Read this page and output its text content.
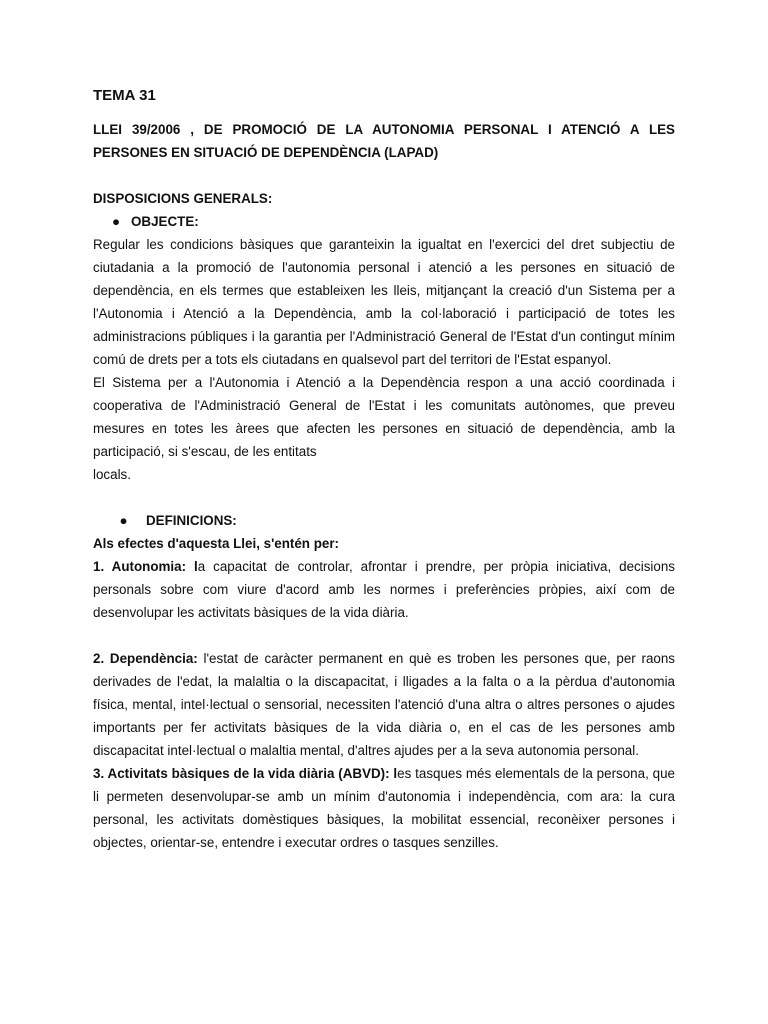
TEMA 31
LLEI 39/2006 , DE PROMOCIÓ DE LA AUTONOMIA PERSONAL I ATENCIÓ A LES PERSONES EN SITUACIÓ DE DEPENDÈNCIA (LAPAD)
DISPOSICIONS GENERALS:
● OBJECTE:
Regular les condicions bàsiques que garanteixin la igualtat en l'exercici del dret subjectiu de ciutadania a la promoció de l'autonomia personal i atenció a les persones en situació de dependència, en els termes que estableixen les lleis, mitjançant la creació d'un Sistema per a l'Autonomia i Atenció a la Dependència, amb la col·laboració i participació de totes les administracions públiques i la garantia per l'Administració General de l'Estat d'un contingut mínim comú de drets per a tots els ciutadans en qualsevol part del territori de l'Estat espanyol.
El Sistema per a l'Autonomia i Atenció a la Dependència respon a una acció coordinada i cooperativa de l'Administració General de l'Estat i les comunitats autònomes, que preveu mesures en totes les àrees que afecten les persones en situació de dependència, amb la participació, si s'escau, de les entitats
locals.
●	DEFINICIONS:
Als efectes d'aquesta Llei, s'entén per:
1. Autonomia: la capacitat de controlar, afrontar i prendre, per pròpia iniciativa, decisions personals sobre com viure d'acord amb les normes i preferències pròpies, així com de desenvolupar les activitats bàsiques de la vida diària.
2. Dependència: l'estat de caràcter permanent en què es troben les persones que, per raons derivades de l'edat, la malaltia o la discapacitat, i lligades a la falta o a la pèrdua d'autonomia física, mental, intel·lectual o sensorial, necessiten l'atenció d'una altra o altres persones o ajudes importants per fer activitats bàsiques de la vida diària o, en el cas de les persones amb discapacitat intel·lectual o malaltia mental, d'altres ajudes per a la seva autonomia personal.
3. Activitats bàsiques de la vida diària (ABVD): les tasques més elementals de la persona, que li permeten desenvolupar-se amb un mínim d'autonomia i independència, com ara: la cura personal, les activitats domèstiques bàsiques, la mobilitat essencial, reconèixer persones i objectes, orientar-se, entendre i executar ordres o tasques senzilles.
